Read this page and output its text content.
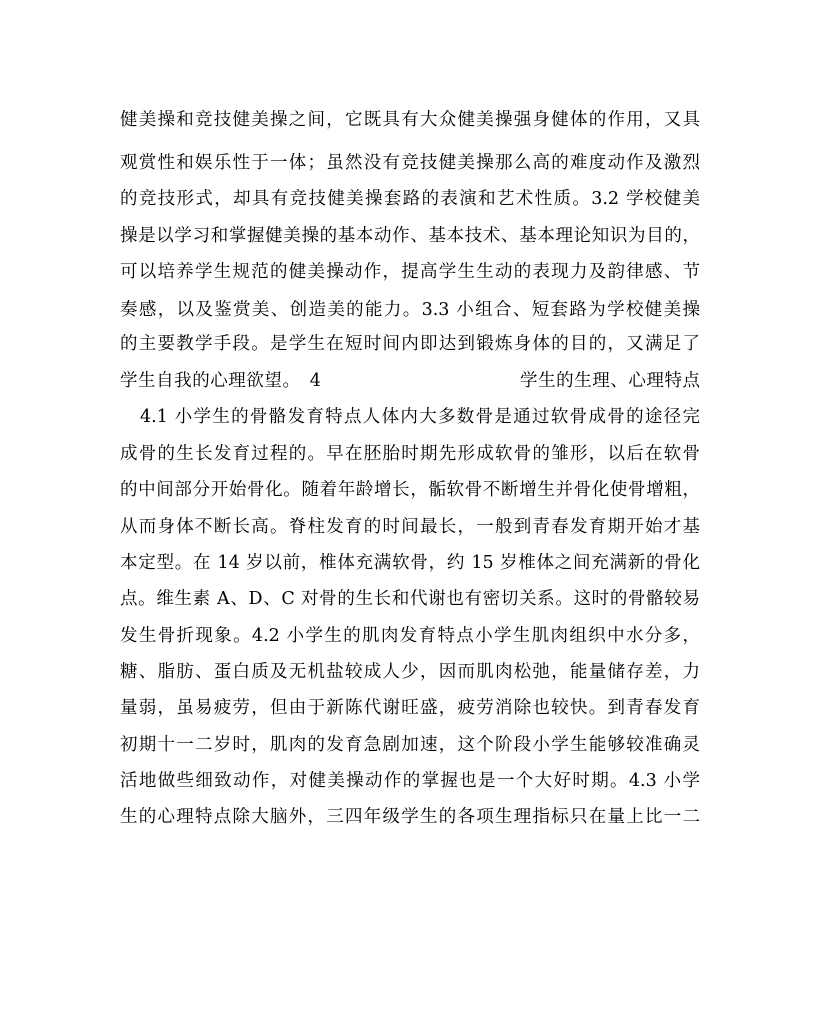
健美操和竞技健美操之间，它既具有大众健美操强身健体的作用，又具
观赏性和娱乐性于一体；虽然没有竞技健美操那么高的难度动作及激烈
的竞技形式，却具有竞技健美操套路的表演和艺术性质。3.2 学校健美
操是以学习和掌握健美操的基本动作、基本技术、基本理论知识为目的，
可以培养学生规范的健美操动作，提高学生生动的表现力及韵律感、节
奏感，以及鉴赏美、创造美的能力。3.3 小组合、短套路为学校健美操
的主要教学手段。是学生在短时间内即达到锻炼身体的目的，又满足了
学生自我的心理欲望。　4　　　　　　　　　　　学生的生理、心理特点
4.1 小学生的骨骼发育特点人体内大多数骨是通过软骨成骨的途径完
成骨的生长发育过程的。早在胚胎时期先形成软骨的雏形，以后在软骨
的中间部分开始骨化。随着年龄增长，骺软骨不断增生并骨化使骨增粗，
从而身体不断长高。脊柱发育的时间最长，一般到青春发育期开始才基
本定型。在 14 岁以前，椎体充满软骨，约 15 岁椎体之间充满新的骨化
点。维生素 A、D、C 对骨的生长和代谢也有密切关系。这时的骨骼较易
发生骨折现象。4.2 小学生的肌肉发育特点小学生肌肉组织中水分多，
糖、脂肪、蛋白质及无机盐较成人少，因而肌肉松弛，能量储存差，力
量弱，虽易疲劳，但由于新陈代谢旺盛，疲劳消除也较快。到青春发育
初期十一二岁时，肌肉的发育急剧加速，这个阶段小学生能够较准确灵
活地做些细致动作，对健美操动作的掌握也是一个大好时期。4.3 小学
生的心理特点除大脑外，三四年级学生的各项生理指标只在量上比一二
